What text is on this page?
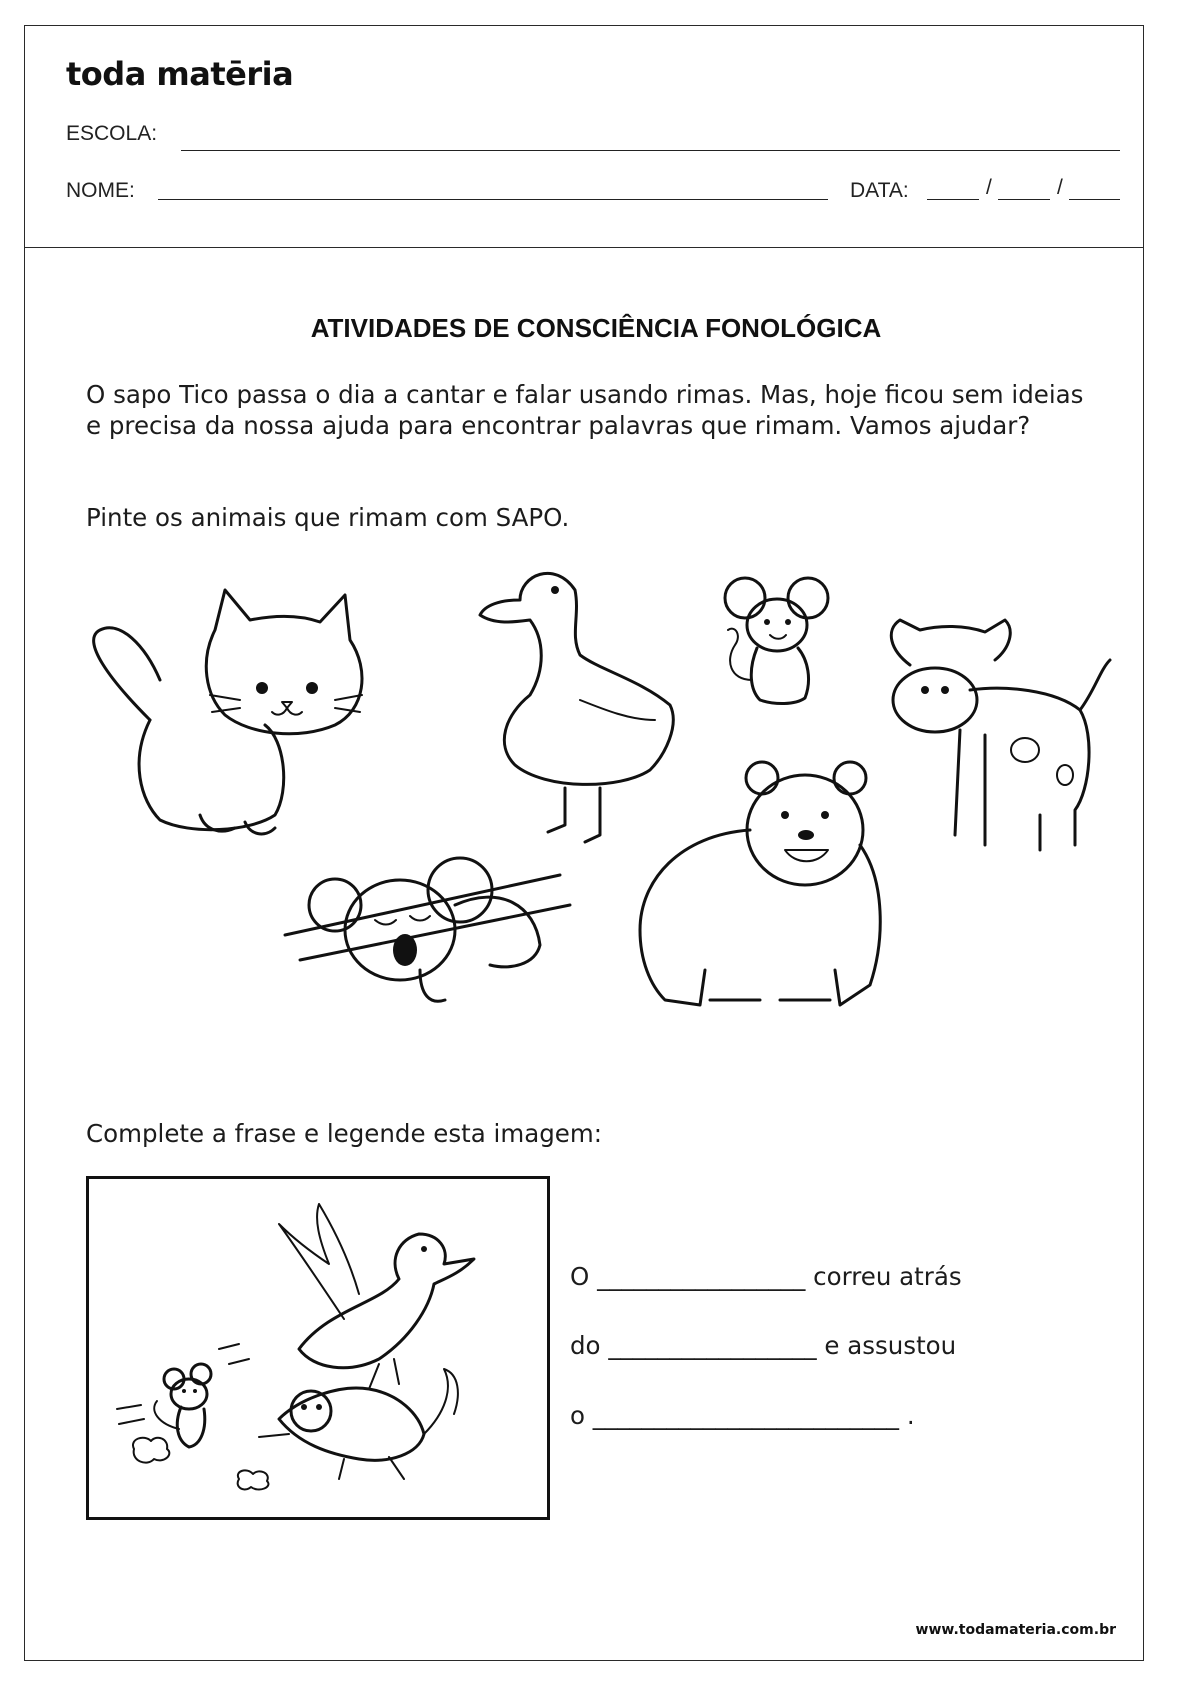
toda matēria
ESCOLA:
NOME:	DATA:	/	/
ATIVIDADES DE CONSCIÊNCIA FONOLÓGICA
O sapo Tico passa o dia a cantar e falar usando rimas. Mas, hoje ficou sem ideias e precisa da nossa ajuda para encontrar palavras que rimam. Vamos ajudar?
Pinte os animais que rimam com SAPO.
Complete a frase e legende esta imagem:
O _________________ correu atrás
do _________________ e assustou
o _________________________ .
www.todamateria.com.br
